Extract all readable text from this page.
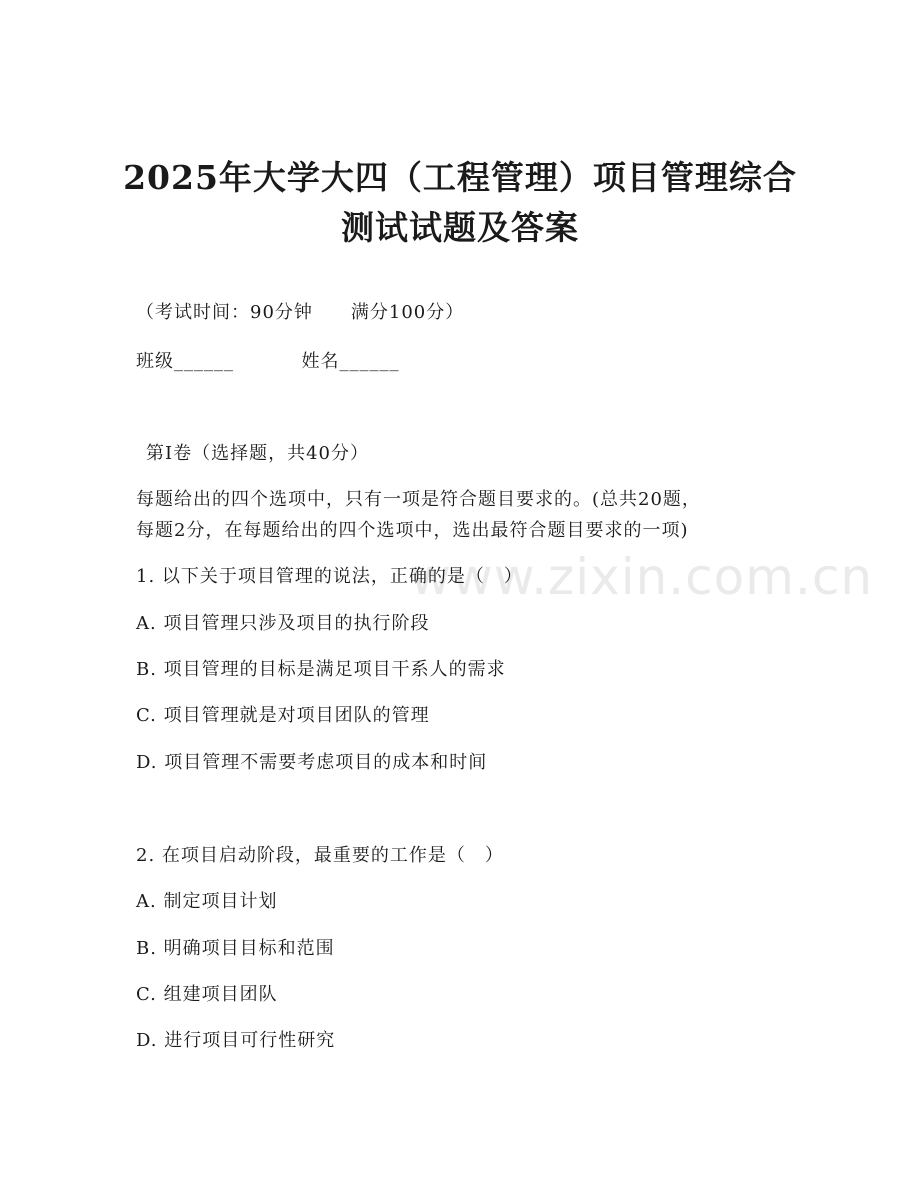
2025年大学大四（工程管理）项目管理综合
测试试题及答案
（考试时间：90分钟　　满分100分）
班级______	姓名______
第Ⅰ卷（选择题，共40分）
每题给出的四个选项中，只有一项是符合题目要求的。(总共20题，
每题2分，在每题给出的四个选项中，选出最符合题目要求的一项)
www.zixin.com.cn
1. 以下关于项目管理的说法，正确的是（　）
A. 项目管理只涉及项目的执行阶段
B. 项目管理的目标是满足项目干系人的需求
C. 项目管理就是对项目团队的管理
D. 项目管理不需要考虑项目的成本和时间
2. 在项目启动阶段，最重要的工作是（　）
A. 制定项目计划
B. 明确项目目标和范围
C. 组建项目团队
D. 进行项目可行性研究
